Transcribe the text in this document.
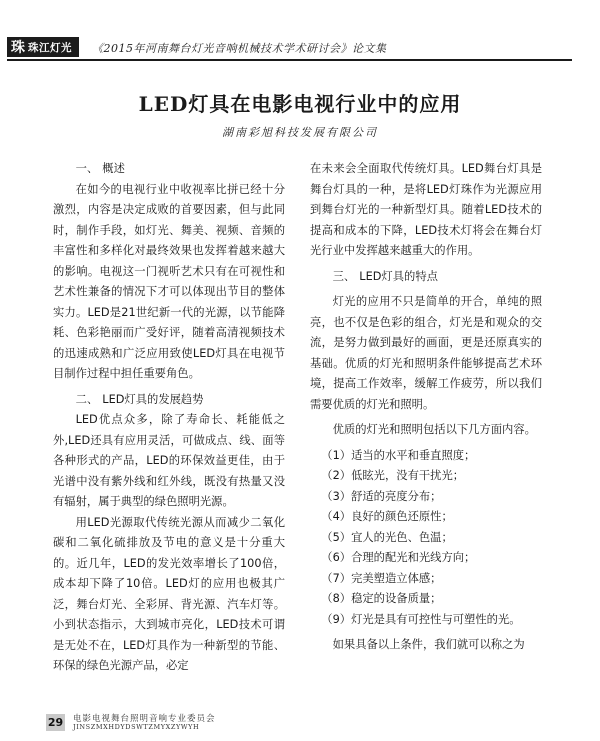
珠 珠江灯光 《2015年河南舞台灯光音响机械技术学术研讨会》论文集
LED灯具在电影电视行业中的应用
湖南彩旭科技发展有限公司

一、 概述

在如今的电视行业中收视率比拼已经十分激烈，内容是决定成败的首要因素，但与此同时，制作手段，如灯光、舞美、视频、音频的丰富性和多样化对最终效果也发挥着越来越大的影响。电视这一门视听艺术只有在可视性和艺术性兼备的情况下才可以体现出节目的整体实力。LED是21世纪新一代的光源，以节能降耗、色彩艳丽而广受好评，随着高清视频技术的迅速成熟和广泛应用致使LED灯具在电视节目制作过程中担任重要角色。

二、 LED灯具的发展趋势

LED优点众多，除了寿命长、耗能低之外,LED还具有应用灵活，可做成点、线、面等各种形式的产品，LED的环保效益更佳，由于光谱中没有紫外线和红外线，既没有热量又没有辐射，属于典型的绿色照明光源。

用LED光源取代传统光源从而减少二氧化碳和二氧化硫排放及节电的意义是十分重大的。近几年，LED的发光效率增长了100倍，成本却下降了10倍。LED灯的应用也极其广泛，舞台灯光、全彩屏、背光源、汽车灯等。小到状态指示，大到城市亮化，LED技术可谓是无处不在，LED灯具作为一种新型的节能、环保的绿色光源产品，必定

在未来会全面取代传统灯具。LED舞台灯具是舞台灯具的一种，是将LED灯珠作为光源应用到舞台灯光的一种新型灯具。随着LED技术的提高和成本的下降，LED技术灯将会在舞台灯光行业中发挥越来越重大的作用。

三、 LED灯具的特点

灯光的应用不只是简单的开合，单纯的照亮，也不仅是色彩的组合，灯光是和观众的交流，是努力做到最好的画面，更是还原真实的基础。优质的灯光和照明条件能够提高艺术环境，提高工作效率，缓解工作疲劳，所以我们需要优质的灯光和照明。

优质的灯光和照明包括以下几方面内容。

（1）适当的水平和垂直照度；

（2）低眩光，没有干扰光；

（3）舒适的亮度分布；

（4）良好的颜色还原性；

（5）宜人的光色、色温；

（6）合理的配光和光线方向；

（7）完美塑造立体感；

（8）稳定的设备质量；

（9）灯光是具有可控性与可塑性的光。

如果具备以上条件，我们就可以称之为

29 电影电视舞台照明音响专业委员会
JINSZMXHDYDSWTZMYXZYWYH
